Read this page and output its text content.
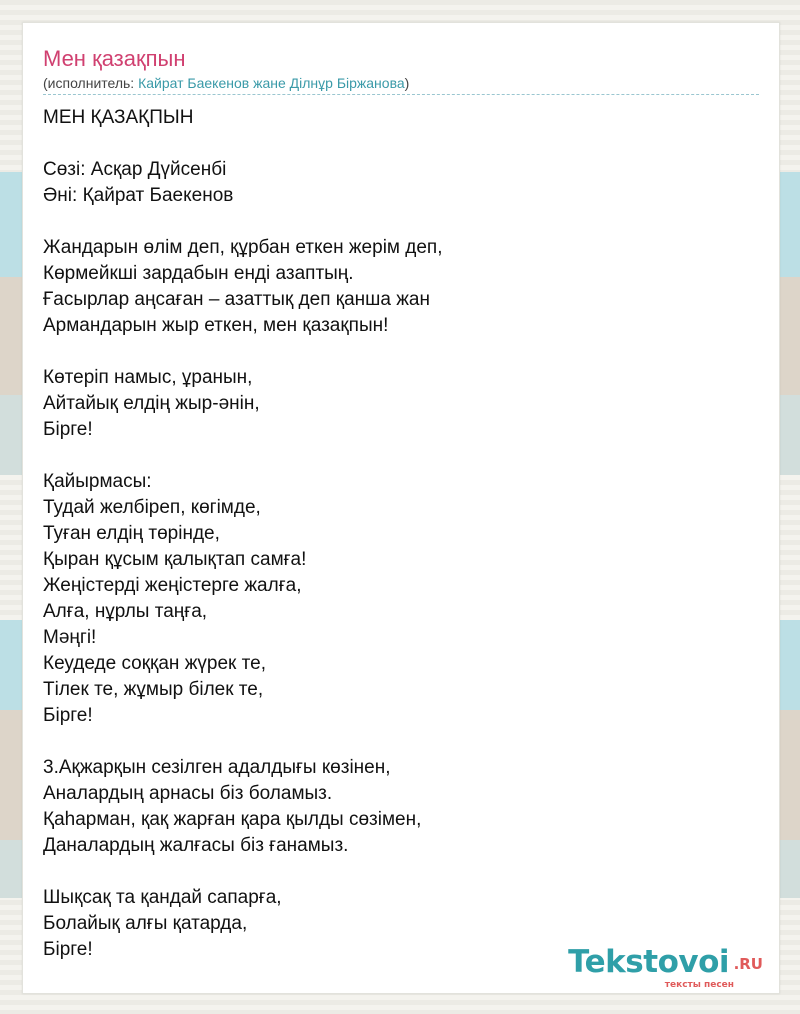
Мен қазақпын
(исполнитель: Кайрат Баекенов жане Ділнұр Біржанова)
МЕН ҚАЗАҚПЫН
Сөзі: Асқар Дүйсенбі
Әні: Қайрат Баекенов
Жандарын өлім деп, құрбан еткен жерім деп,
Көрмейкші зардабын енді азаптың.
Ғасырлар аңсаған – азаттық деп қанша жан
Армандарын жыр еткен, мен қазақпын!
Көтеріп намыс, ұранын,
Айтайық елдің жыр-әнін,
Бірге!
Қайырмасы:
Тудай желбіреп, көгімде,
Туған елдің төрінде,
Қыран құсым қалықтап самға!
Жеңістерді жеңістерге жалға,
Алға, нұрлы таңға,
Мәңгі!
Кеудеде соққан жүрек те,
Тілек те, жұмыр білек те,
Бірге!
3.Ақжарқын сезілген адалдығы көзінен,
Аналардың арнасы біз боламыз.
Қаһарман, қақ жарған қара қылды сөзімен,
Даналардың жалғасы біз ғанамыз.
Шықсақ та қандай сапарға,
Болайық алғы қатарда,
Бірге!	Tekstovoi .RU
тексты песен
